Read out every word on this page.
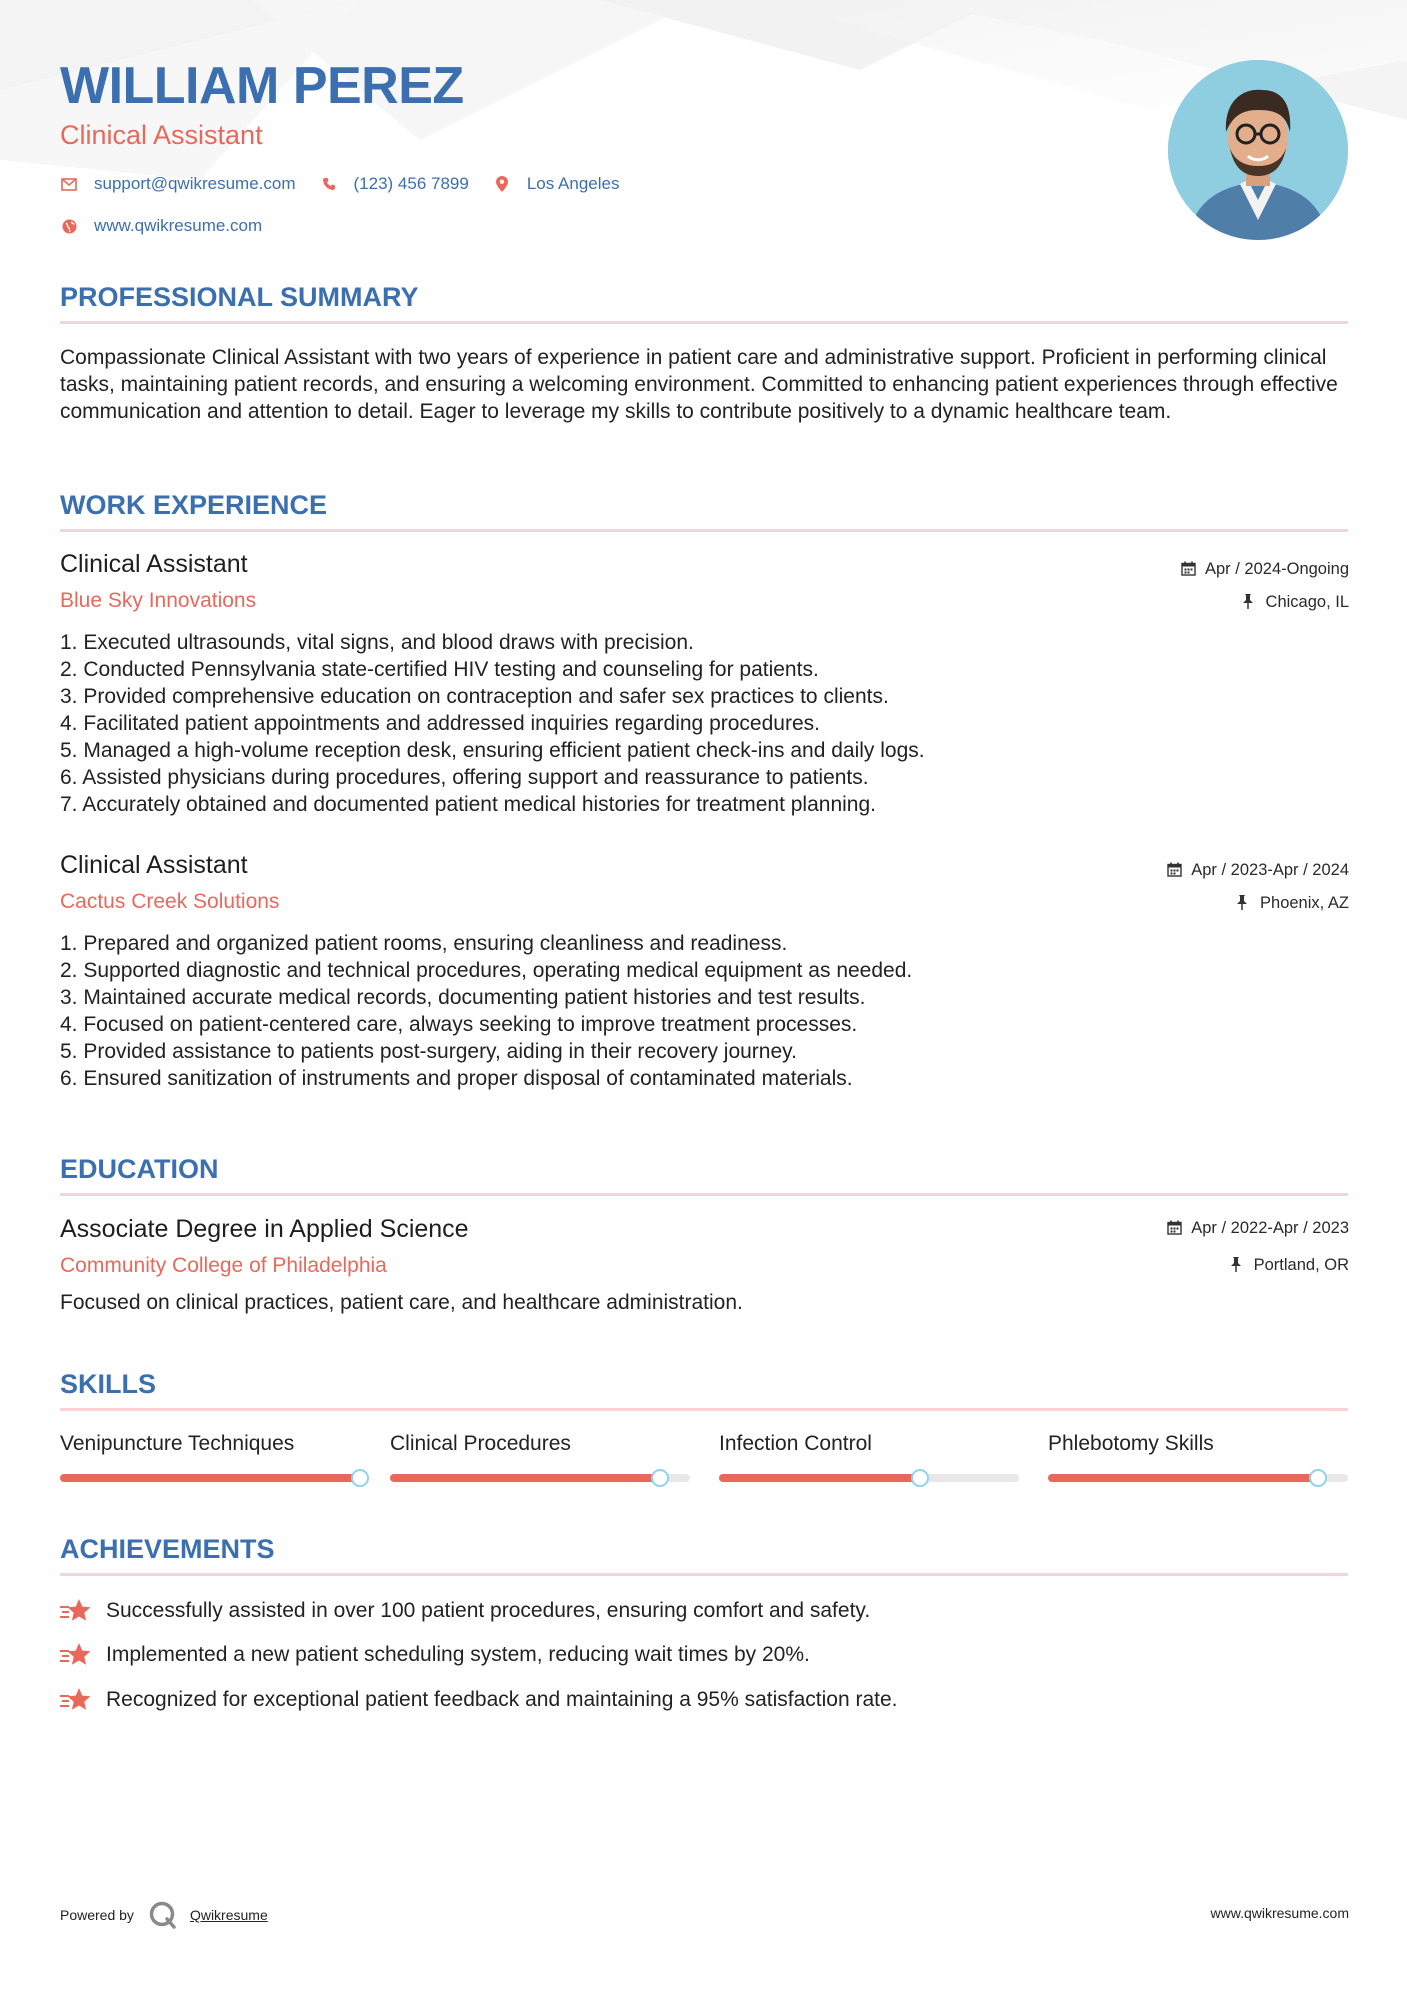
WILLIAM PEREZ
Clinical Assistant
support@qwikresume.com	(123) 456 7899	Los Angeles
www.qwikresume.com
PROFESSIONAL SUMMARY
Compassionate Clinical Assistant with two years of experience in patient care and administrative support. Proficient in performing clinical tasks, maintaining patient records, and ensuring a welcoming environment. Committed to enhancing patient experiences through effective communication and attention to detail. Eager to leverage my skills to contribute positively to a dynamic healthcare team.
WORK EXPERIENCE
Clinical Assistant
Blue Sky Innovations
Apr / 2024-Ongoing
Chicago, IL
1. Executed ultrasounds, vital signs, and blood draws with precision.
2. Conducted Pennsylvania state-certified HIV testing and counseling for patients.
3. Provided comprehensive education on contraception and safer sex practices to clients.
4. Facilitated patient appointments and addressed inquiries regarding procedures.
5. Managed a high-volume reception desk, ensuring efficient patient check-ins and daily logs.
6. Assisted physicians during procedures, offering support and reassurance to patients.
7. Accurately obtained and documented patient medical histories for treatment planning.
Clinical Assistant
Cactus Creek Solutions
Apr / 2023-Apr / 2024
Phoenix, AZ
1. Prepared and organized patient rooms, ensuring cleanliness and readiness.
2. Supported diagnostic and technical procedures, operating medical equipment as needed.
3. Maintained accurate medical records, documenting patient histories and test results.
4. Focused on patient-centered care, always seeking to improve treatment processes.
5. Provided assistance to patients post-surgery, aiding in their recovery journey.
6. Ensured sanitization of instruments and proper disposal of contaminated materials.
EDUCATION
Associate Degree in Applied Science
Community College of Philadelphia
Apr / 2022-Apr / 2023
Portland, OR
Focused on clinical practices, patient care, and healthcare administration.
SKILLS
Venipuncture Techniques	Clinical Procedures	Infection Control	Phlebotomy Skills
ACHIEVEMENTS
Successfully assisted in over 100 patient procedures, ensuring comfort and safety.
Implemented a new patient scheduling system, reducing wait times by 20%.
Recognized for exceptional patient feedback and maintaining a 95% satisfaction rate.
Powered by	Qwikresume	www.qwikresume.com
